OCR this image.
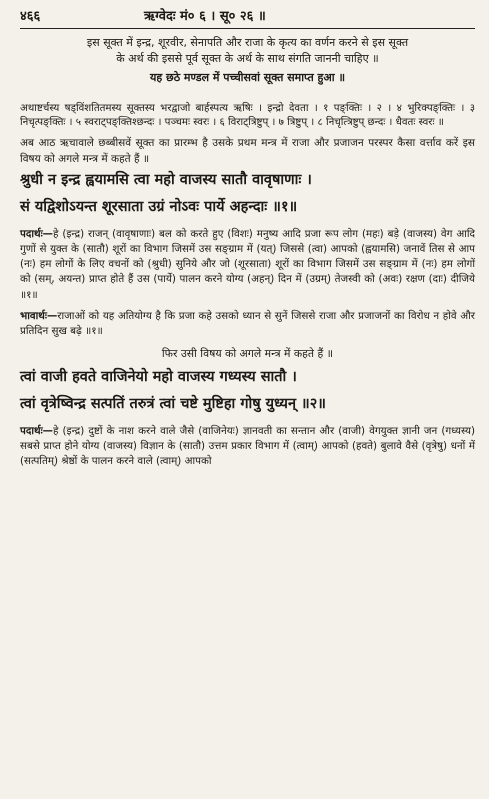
४६६	ऋग्वेदः मं० ६ । सू० २६ ॥

इस सूक्त में इन्द्र, शूरवीर, सेनापति और राजा के कृत्य का वर्णन करने से इस सूक्त

के अर्थ की इससे पूर्व सूक्त के अर्थ के साथ संगति जाननी चाहिए ॥

यह छठे मण्डल में पच्चीसवां सूक्त समाप्त हुआ ॥

अथाष्टर्चस्य षड्विंशतितमस्य सूक्तस्य भरद्वाजो बार्हस्पत्य ऋषिः । इन्द्रो देवता । १ पङ्क्तिः । २ । ४ भुरिक्पङ्क्तिः । ३ निचृत्पङ्क्तिः । ५ स्वराट्पङ्क्तिश्छन्दः । पञ्चमः स्वरः । ६ विराट्त्रिष्टुप् । ७ त्रिष्टुप् । ८ निचृत्त्रिष्टुप् छन्दः । धैवतः स्वरः ॥

अब आठ ऋचावाले छब्बीसवें सूक्त का प्रारम्भ है उसके प्रथम मन्त्र में राजा और प्रजाजन परस्पर कैसा वर्त्ताव करें इस विषय को अगले मन्त्र में कहते हैं ॥

श्रुधी न इन्द्र ह्वयामसि त्वा महो वाजस्य सातौ वावृषाणाः ।

सं यद्विशोऽयन्त शूरसाता उग्रं नोऽवः पार्ये अहन्दाः ॥१॥

पदार्थः—हे (इन्द्र) राजन् (वावृषाणाः) बल को करते हुए (विशः) मनुष्य आदि प्रजा रूप लोग (महः) बड़े (वाजस्य) वेग आदि गुणों से युक्त के (सातौ) शूरों का विभाग जिसमें उस सङ्ग्राम में (यत्) जिससे (त्वा) आपको (ह्वयामसि) जनावें तिस से आप (नः) हम लोगों के लिए वचनों को (श्रुधी) सुनिये और जो (शूरसाता) शूरों का विभाग जिसमें उस सङ्ग्राम में (नः) हम लोगों को (सम्, अयन्त) प्राप्त होते हैं उस (पार्ये) पालन करने योग्य (अहन्) दिन में (उग्रम्) तेजस्वी को (अवः) रक्षण (दाः) दीजिये ॥१॥

भावार्थः—राजाओं को यह अतियोग्य है कि प्रजा कहे उसको ध्यान से सुनें जिससे राजा और प्रजाजनों का विरोध न होवे और प्रतिदिन सुख बढ़े ॥१॥

फिर उसी विषय को अगले मन्त्र में कहते हैं ॥

त्वां वाजी हवते वाजिनेयो महो वाजस्य गध्यस्य सातौ ।

त्वां वृत्रेष्विन्द्र सत्पतिं तरुत्रं त्वां चष्टे मुष्टिहा गोषु युध्यन् ॥२॥

पदार्थः—हे (इन्द्र) दुष्टों के नाश करने वाले जैसे (वाजिनेयः) ज्ञानवती का सन्तान और (वाजी) वेगयुक्त ज्ञानी जन (गध्यस्य) सबसे प्राप्त होने योग्य (वाजस्य) विज्ञान के (सातौ) उत्तम प्रकार विभाग में (त्वाम्) आपको (हवते) बुलावे वैसे (वृत्रेषु) धनों में (सत्पतिम्) श्रेष्ठों के पालन करने वाले (त्वाम्) आपको
